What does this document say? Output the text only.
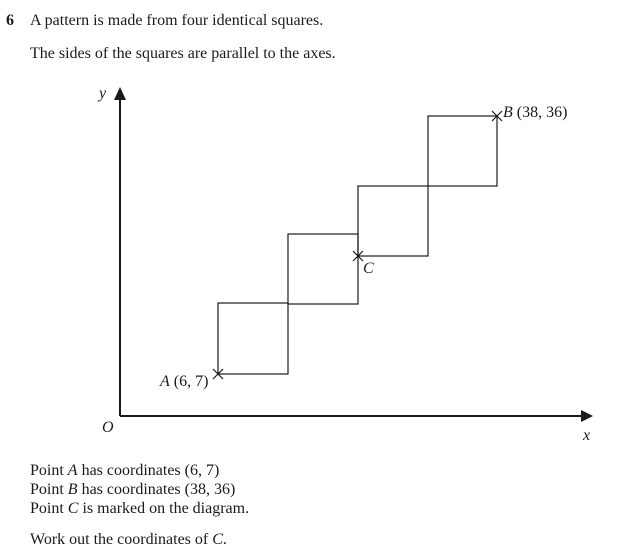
6 A pattern is made from four identical squares.
The sides of the squares are parallel to the axes.
y
x
O
A (6, 7)
B (38, 36)
C
Point A has coordinates (6, 7)
Point B has coordinates (38, 36)
Point C is marked on the diagram.
Work out the coordinates of C.
